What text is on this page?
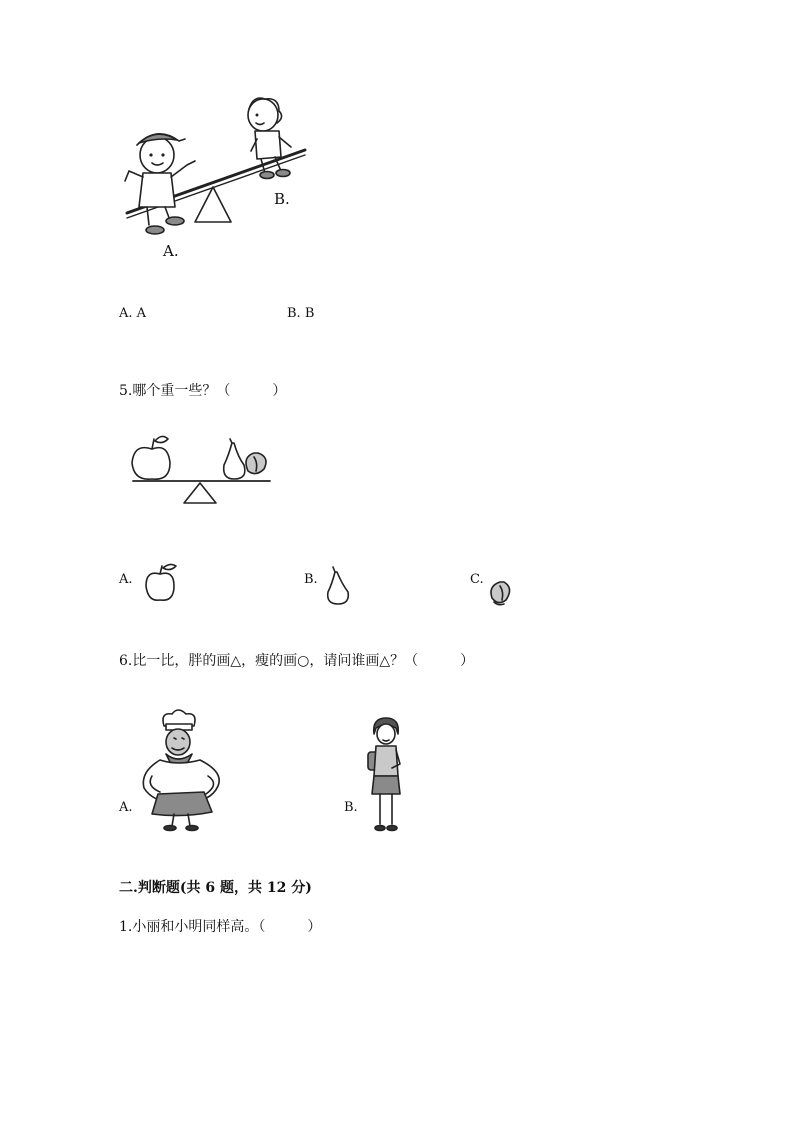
A.
B.
A. A	B. B
5.哪个重一些？（　　　）
A.	B.	C.
6.比一比，胖的画△，瘦的画○，请问谁画△？（　　　）
A.	B.
二.判断题(共 6 题，共 12 分)
1.小丽和小明同样高。（　　　）
